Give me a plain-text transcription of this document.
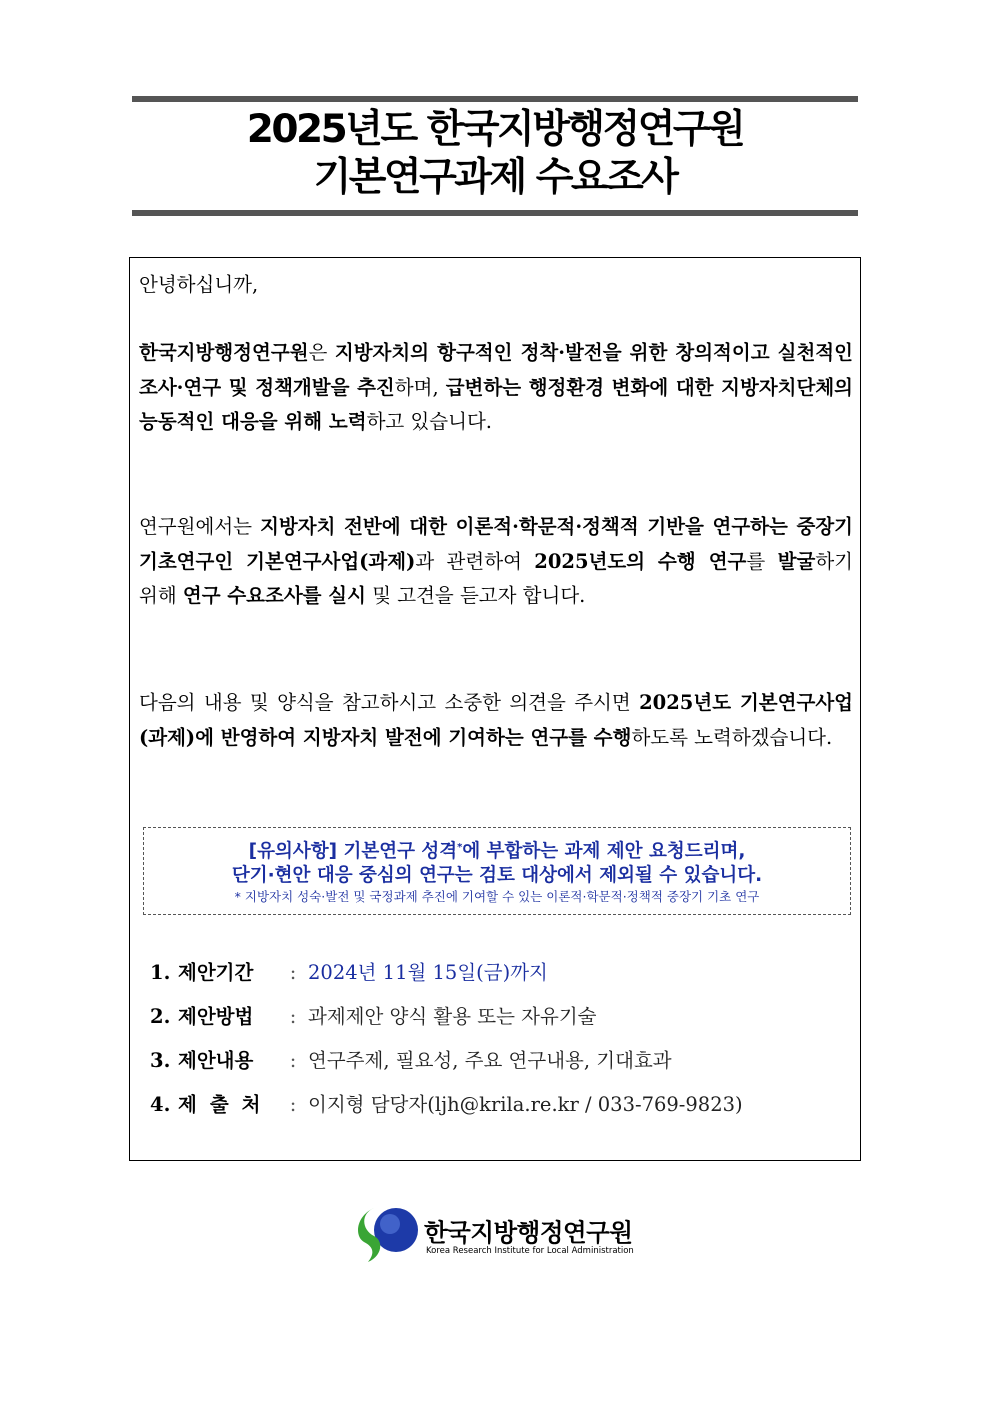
2025년도 한국지방행정연구원
기본연구과제 수요조사
안녕하십니까,
한국지방행정연구원은 지방자치의 항구적인 정착·발전을 위한 창의적이고 실천적인 조사·연구 및 정책개발을 추진하며, 급변하는 행정환경 변화에 대한 지방자치단체의 능동적인 대응을 위해 노력하고 있습니다.
연구원에서는 지방자치 전반에 대한 이론적·학문적·정책적 기반을 연구하는 중장기 기초연구인 기본연구사업(과제)과 관련하여 2025년도의 수행 연구를 발굴하기 위해 연구 수요조사를 실시 및 고견을 듣고자 합니다.
다음의 내용 및 양식을 참고하시고 소중한 의견을 주시면 2025년도 기본연구사업(과제)에 반영하여 지방자치 발전에 기여하는 연구를 수행하도록 노력하겠습니다.
[유의사항] 기본연구 성격*에 부합하는 과제 제안 요청드리며,
단기·현안 대응 중심의 연구는 검토 대상에서 제외될 수 있습니다.
* 지방자치 성숙·발전 및 국정과제 추진에 기여할 수 있는 이론적·학문적·정책적 중장기 기초 연구
1. 제안기간	: 2024년 11월 15일(금)까지
2. 제안방법	: 과제제안 양식 활용 또는 자유기술
3. 제안내용	: 연구주제, 필요성, 주요 연구내용, 기대효과
4. 제출처 : 이지형 담당자(ljh@krila.re.kr / 033-769-9823)
한국지방행정연구원
Korea Research Institute for Local Administration
